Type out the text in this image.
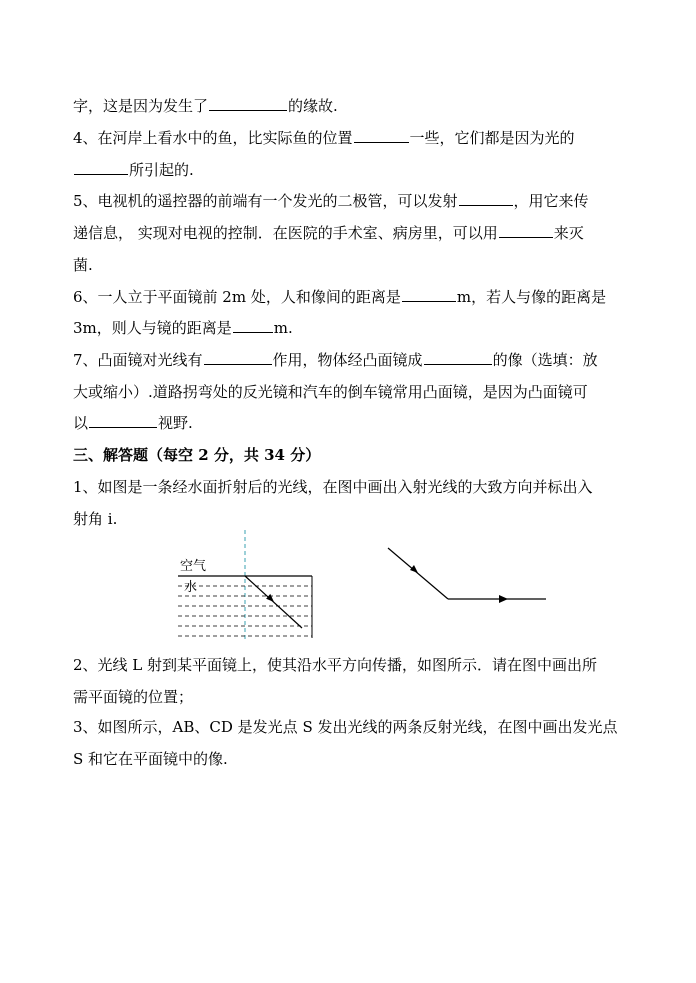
字，这是因为发生了	的缘故.
4、在河岸上看水中的鱼，比实际鱼的位置	一些，它们都是因为光的
所引起的.
5、电视机的遥控器的前端有一个发光的二极管，可以发射	，用它来传
递信息， 实现对电视的控制．在医院的手术室、病房里，可以用	来灭
菌.
6、一人立于平面镜前 2m 处，人和像间的距离是	m，若人与像的距离是
3m，则人与镜的距离是	m.
7、凸面镜对光线有	作用，物体经凸面镜成	的像（选填：放
大或缩小）.道路拐弯处的反光镜和汽车的倒车镜常用凸面镜，是因为凸面镜可
以	视野.
三、解答题（每空 2 分，共 34 分）
1、如图是一条经水面折射后的光线，在图中画出入射光线的大致方向并标出入
射角 i.
空气
水
2、光线 L 射到某平面镜上，使其沿水平方向传播，如图所示．请在图中画出所
需平面镜的位置；
3、如图所示，AB、CD 是发光点 S 发出光线的两条反射光线，在图中画出发光点
S 和它在平面镜中的像.
